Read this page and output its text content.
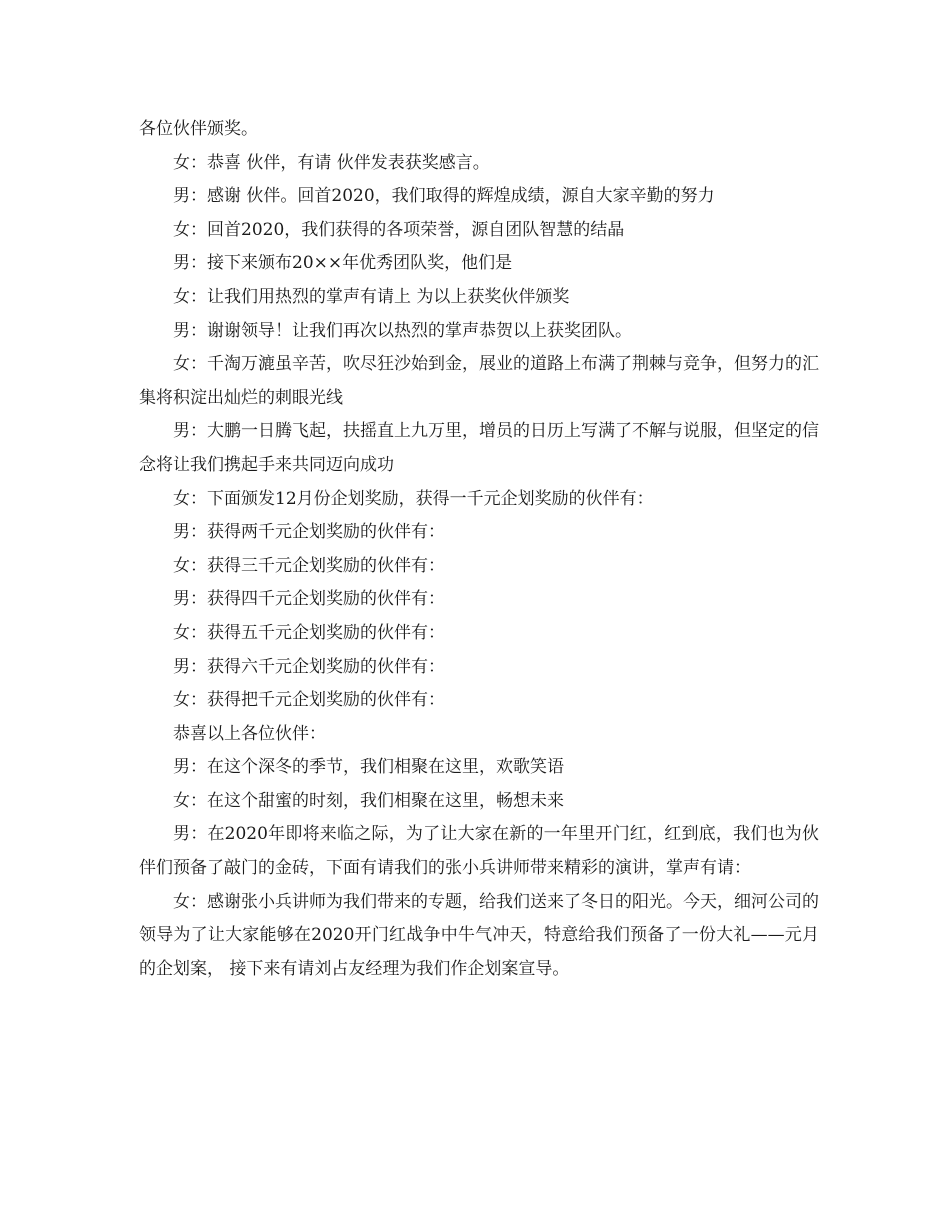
各位伙伴颁奖。

女：恭喜 伙伴，有请 伙伴发表获奖感言。

男：感谢 伙伴。回首2020，我们取得的辉煌成绩，源自大家辛勤的努力

女：回首2020，我们获得的各项荣誉，源自团队智慧的结晶

男：接下来颁布20××年优秀团队奖，他们是

女：让我们用热烈的掌声有请上 为以上获奖伙伴颁奖

男：谢谢领导！让我们再次以热烈的掌声恭贺以上获奖团队。

女：千淘万漉虽辛苦，吹尽狂沙始到金，展业的道路上布满了荆棘与竞争，但努力的汇集将积淀出灿烂的刺眼光线

男：大鹏一日腾飞起，扶摇直上九万里，增员的日历上写满了不解与说服，但坚定的信念将让我们携起手来共同迈向成功

女：下面颁发12月份企划奖励，获得一千元企划奖励的伙伴有：

男：获得两千元企划奖励的伙伴有：

女：获得三千元企划奖励的伙伴有：

男：获得四千元企划奖励的伙伴有：

女：获得五千元企划奖励的伙伴有：

男：获得六千元企划奖励的伙伴有：

女：获得把千元企划奖励的伙伴有：

恭喜以上各位伙伴：

男：在这个深冬的季节，我们相聚在这里，欢歌笑语

女：在这个甜蜜的时刻，我们相聚在这里，畅想未来

男：在2020年即将来临之际，为了让大家在新的一年里开门红，红到底，我们也为伙伴们预备了敲门的金砖，下面有请我们的张小兵讲师带来精彩的演讲，掌声有请：

女：感谢张小兵讲师为我们带来的专题，给我们送来了冬日的阳光。今天，细河公司的领导为了让大家能够在2020开门红战争中牛气冲天，特意给我们预备了一份大礼——元月的企划案， 接下来有请刘占友经理为我们作企划案宣导。
